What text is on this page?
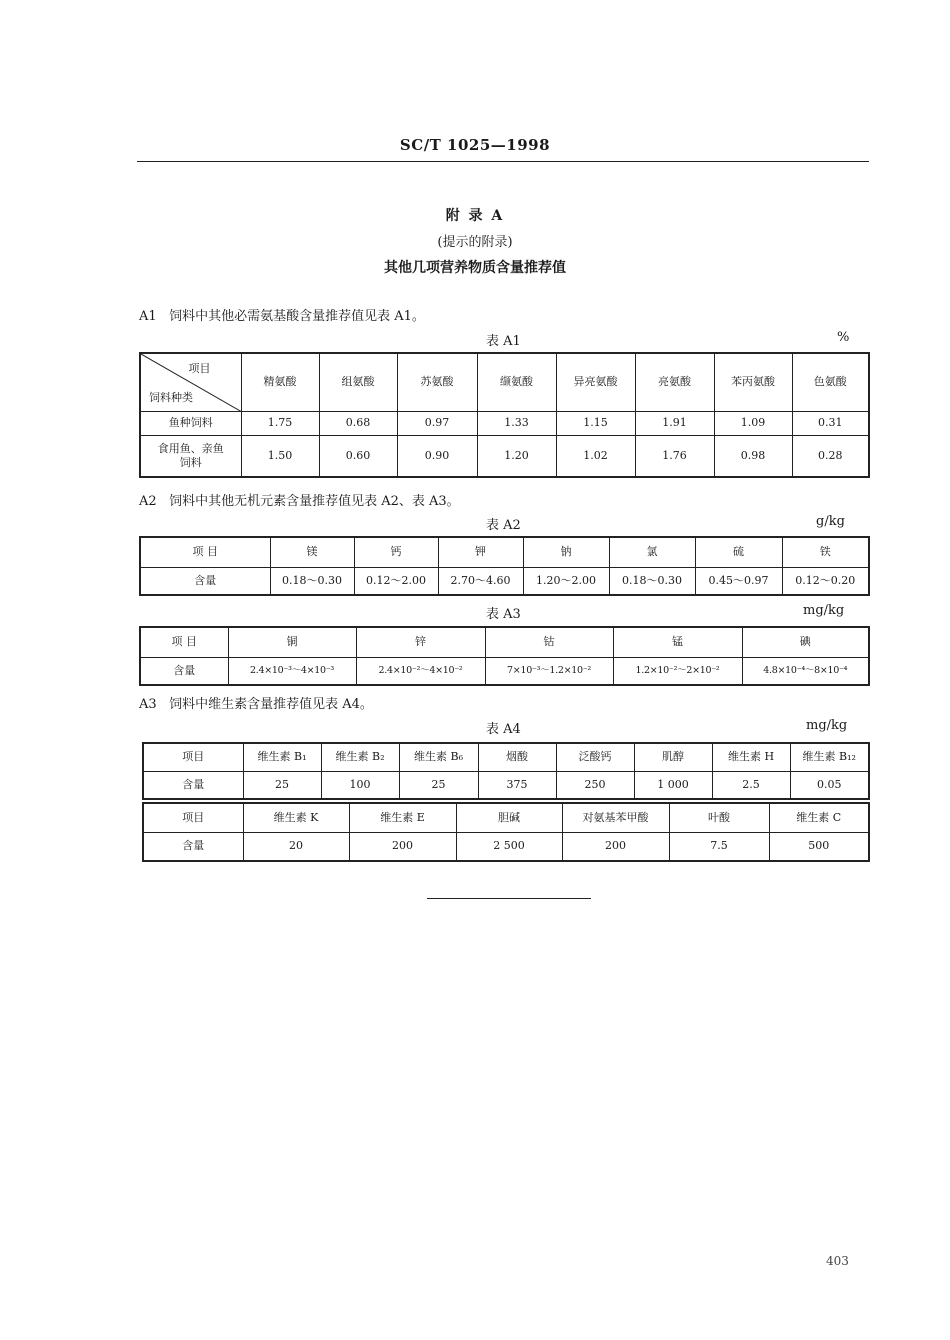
SC/T 1025—1998
附 录 A
(提示的附录)
其他几项营养物质含量推荐值
A1 饲料中其他必需氨基酸含量推荐值见表 A1。
表 A1	%
项目
饲料种类	精氨酸	组氨酸	苏氨酸	缬氨酸	异亮氨酸	亮氨酸	苯丙氨酸	色氨酸
鱼种饲料	1.75	0.68	0.97	1.33	1.15	1.91	1.09	0.31
食用鱼、亲鱼饲料	1.50	0.60	0.90	1.20	1.02	1.76	0.98	0.28
A2 饲料中其他无机元素含量推荐值见表 A2、表 A3。
表 A2	g/kg
项 目	镁	钙	钾	钠	氯	硫	铁
含量	0.18～0.30	0.12～2.00	2.70～4.60	1.20～2.00	0.18～0.30	0.45～0.97	0.12～0.20
表 A3	mg/kg
项 目	铜	锌	钴	锰	碘
含量	2.4×10⁻³～4×10⁻³	2.4×10⁻²～4×10⁻²	7×10⁻³～1.2×10⁻²	1.2×10⁻²～2×10⁻²	4.8×10⁻⁴～8×10⁻⁴
A3 饲料中维生素含量推荐值见表 A4。
表 A4	mg/kg
项目	维生素 B₁	维生素 B₂	维生素 B₆	烟酸	泛酸钙	肌醇	维生素 H	维生素 B₁₂
含量	25	100	25	375	250	1 000	2.5	0.05
项目	维生素 K	维生素 E	胆碱	对氨基苯甲酸	叶酸	维生素 C
含量	20	200	2 500	200	7.5	500
403
